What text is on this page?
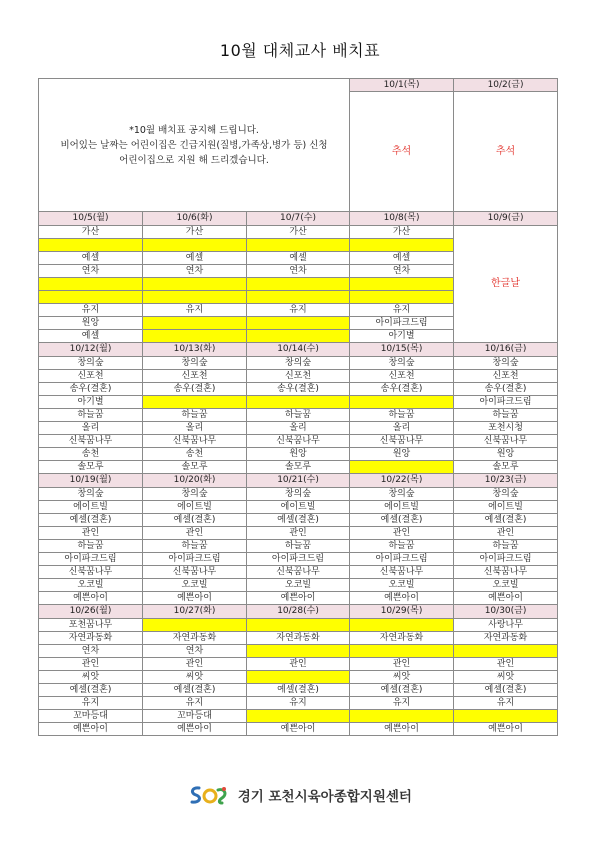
10월 대체교사 배치표
*10월 배치표 공지해 드립니다.
비어있는 날짜는 어린이집은 긴급지원(질병,가족상,병가 등) 신청
어린이집으로 지원 해 드리겠습니다.			10/1(목)	10/2(금)
			추석	추석
10/5(월)	10/6(화)	10/7(수)	10/8(목)	10/9(금)
가산	가산	가산	가산	한글날

예셀	예셀	예셀	예셀	
연차	연차	연차	연차	

유지	유지	유지	유지	
원앙			아이파크드림	
예셀			아기별	
10/12(월)	10/13(화)	10/14(수)	10/15(목)	10/16(금)
창의숲	창의숲	창의숲	창의숲	창의숲
신포천	신포천	신포천	신포천	신포천
송우(결혼)	송우(결혼)	송우(결혼)	송우(결혼)	송우(결혼)
아기별				아이파크드림
하늘꿈	하늘꿈	하늘꿈	하늘꿈	하늘꿈
올리	올리	올리	올리	포천시청
신북꿈나무	신북꿈나무	신북꿈나무	신북꿈나무	신북꿈나무
송천	송천	원앙	원앙	원앙
솔모루	솔모루	솔모루		솔모루
10/19(월)	10/20(화)	10/21(수)	10/22(목)	10/23(금)
창의숲	창의숲	창의숲	창의숲	창의숲
에이트빌	에이트빌	에이트빌	에이트빌	에이트빌
예셀(결혼)	예셀(결혼)	예셀(결혼)	예셀(결혼)	예셀(결혼)
관인	관인	관인	관인	관인
하늘꿈	하늘꿈	하늘꿈	하늘꿈	하늘꿈
아이파크드림	아이파크드림	아이파크드림	아이파크드림	아이파크드림
신북꿈나무	신북꿈나무	신북꿈나무	신북꿈나무	신북꿈나무
오코빌	오코빌	오코빌	오코빌	오코빌
예쁜아이	예쁜아이	예쁜아이	예쁜아이	예쁜아이
10/26(월)	10/27(화)	10/28(수)	10/29(목)	10/30(금)
포천꿈나무				사랑나무
자연과동화	자연과동화	자연과동화	자연과동화	자연과동화
연차	연차			
관인	관인	관인	관인	관인
씨앗	씨앗		씨앗	씨앗
예셀(결혼)	예셀(결혼)	예셀(결혼)	예셀(결혼)	예셀(결혼)
유지	유지	유지	유지	유지
꼬마등대	꼬마등대			
예쁜아이	예쁜아이	예쁜아이	예쁜아이	예쁜아이
경기 포천시육아종합지원센터
